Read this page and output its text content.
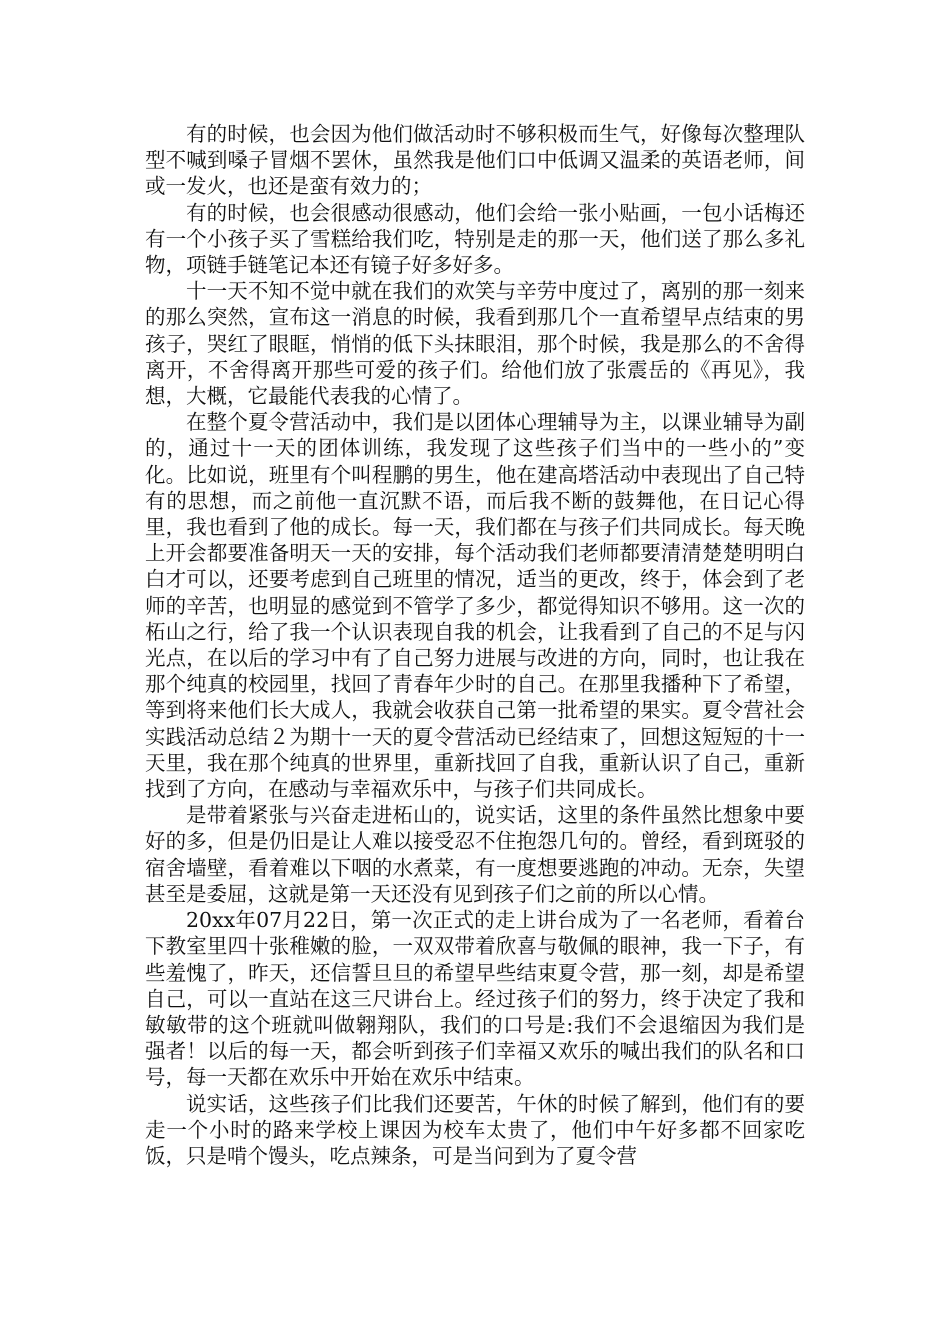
有的时候，也会因为他们做活动时不够积极而生气，好像每次整理队型不喊到嗓子冒烟不罢休，虽然我是他们口中低调又温柔的英语老师，间或一发火，也还是蛮有效力的；

有的时候，也会很感动很感动，他们会给一张小贴画，一包小话梅还有一个小孩子买了雪糕给我们吃，特别是走的那一天，他们送了那么多礼物，项链手链笔记本还有镜子好多好多。

十一天不知不觉中就在我们的欢笑与辛劳中度过了，离别的那一刻来的那么突然，宣布这一消息的时候，我看到那几个一直希望早点结束的男孩子，哭红了眼眶，悄悄的低下头抹眼泪，那个时候，我是那么的不舍得离开，不舍得离开那些可爱的孩子们。给他们放了张震岳的《再见》，我想，大概，它最能代表我的心情了。

在整个夏令营活动中，我们是以团体心理辅导为主，以课业辅导为副的，通过十一天的团体训练，我发现了这些孩子们当中的一些小的”变化。比如说，班里有个叫程鹏的男生，他在建高塔活动中表现出了自己特有的思想，而之前他一直沉默不语，而后我不断的鼓舞他，在日记心得里，我也看到了他的成长。每一天，我们都在与孩子们共同成长。每天晚上开会都要准备明天一天的安排，每个活动我们老师都要清清楚楚明明白白才可以，还要考虑到自己班里的情况，适当的更改，终于，体会到了老师的辛苦，也明显的感觉到不管学了多少，都觉得知识不够用。这一次的柘山之行，给了我一个认识表现自我的机会，让我看到了自己的不足与闪光点，在以后的学习中有了自己努力进展与改进的方向，同时，也让我在那个纯真的校园里，找回了青春年少时的自己。在那里我播种下了希望，等到将来他们长大成人，我就会收获自己第一批希望的果实。夏令营社会实践活动总结２为期十一天的夏令营活动已经结束了，回想这短短的十一天里，我在那个纯真的世界里，重新找回了自我，重新认识了自己，重新找到了方向，在感动与幸福欢乐中，与孩子们共同成长。

是带着紧张与兴奋走进柘山的，说实话，这里的条件虽然比想象中要好的多，但是仍旧是让人难以接受忍不住抱怨几句的。曾经，看到斑驳的宿舍墙壁，看着难以下咽的水煮菜，有一度想要逃跑的冲动。无奈，失望甚至是委屈，这就是第一天还没有见到孩子们之前的所以心情。

20xx年07月22日，第一次正式的走上讲台成为了一名老师，看着台下教室里四十张稚嫩的脸，一双双带着欣喜与敬佩的眼神，我一下子，有些羞愧了，昨天，还信誓旦旦的希望早些结束夏令营，那一刻，却是希望自己，可以一直站在这三尺讲台上。经过孩子们的努力，终于决定了我和敏敏带的这个班就叫做翱翔队，我们的口号是:我们不会退缩因为我们是强者！以后的每一天，都会听到孩子们幸福又欢乐的喊出我们的队名和口号，每一天都在欢乐中开始在欢乐中结束。

说实话，这些孩子们比我们还要苦，午休的时候了解到，他们有的要走一个小时的路来学校上课因为校车太贵了，他们中午好多都不回家吃饭，只是啃个馒头，吃点辣条，可是当问到为了夏令营
